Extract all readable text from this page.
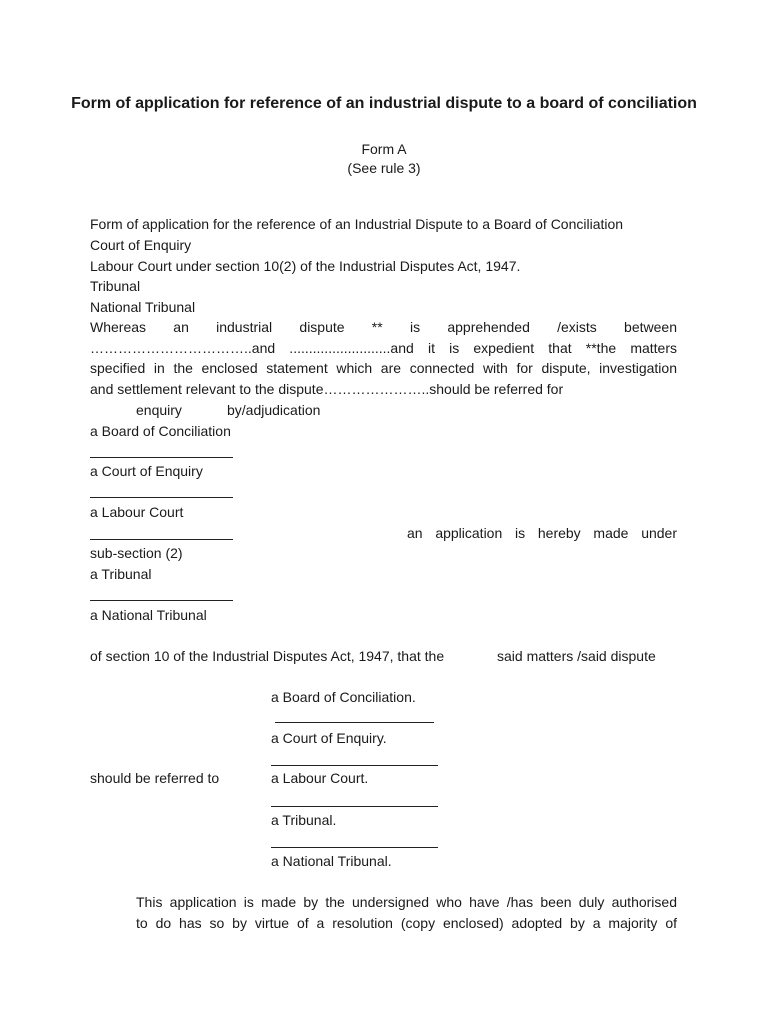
Form of application for reference of an industrial dispute to a board of conciliation
Form A
(See rule 3)
Form of application for the reference of an Industrial Dispute to a Board of Conciliation
Court of Enquiry
Labour Court under section 10(2) of the Industrial Disputes Act, 1947.
Tribunal
National Tribunal
Whereas an industrial dispute ** is apprehended /exists between
……………………………..and ..........................and it is expedient that **the matters
specified in the enclosed statement which are connected with for dispute, investigation
and settlement relevant to the dispute…………………..should be referred for
enquiry	by/adjudication
a Board of Conciliation
a Court of Enquiry
a Labour Court
an application is hereby made under
sub-section (2)
a Tribunal
a National Tribunal
of section 10 of the Industrial Disputes Act, 1947, that the	said matters /said dispute
a Board of Conciliation.
a Court of Enquiry.
should be referred to	a Labour Court.
a Tribunal.
a National Tribunal.
This application is made by the undersigned who have /has been duly authorised
to do has so by virtue of a resolution (copy enclosed) adopted by a majority of
